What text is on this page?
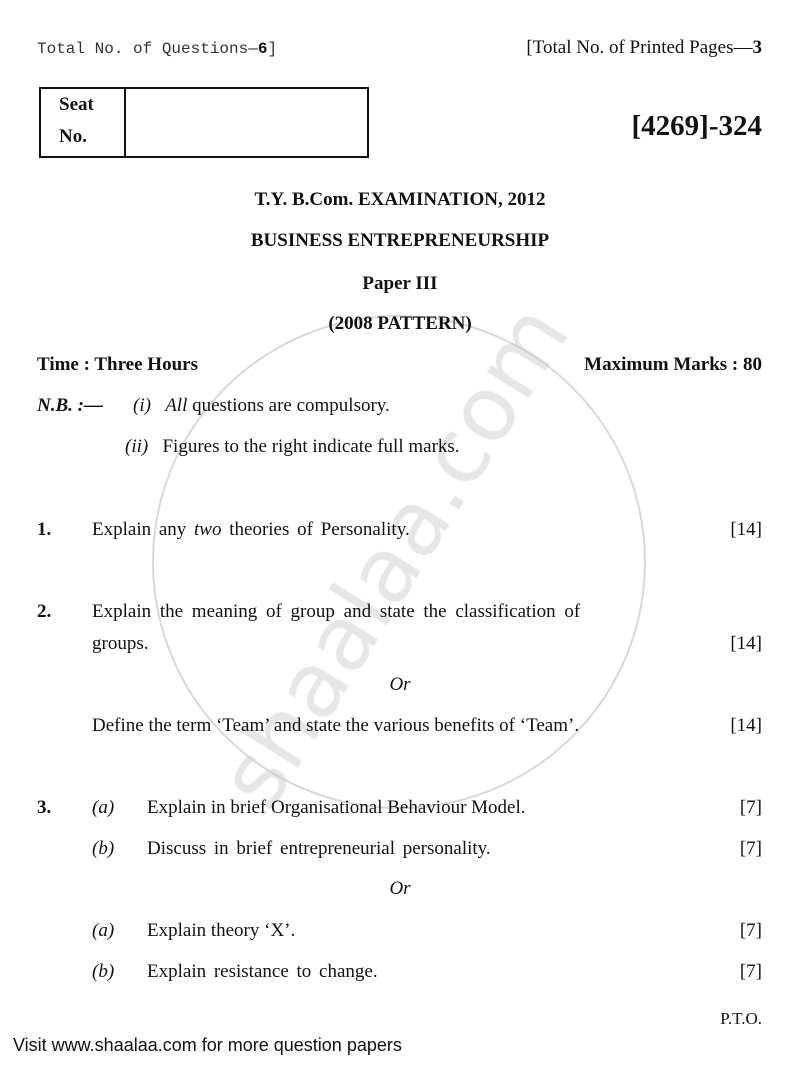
Total No. of Questions—6]	[Total No. of Printed Pages—3
Seat
No.	[4269]-324
T.Y. B.Com. EXAMINATION, 2012
BUSINESS ENTREPRENEURSHIP
Paper III
(2008 PATTERN)
Time : Three Hours	Maximum Marks : 80
N.B. :— (i) All questions are compulsory.
(ii) Figures to the right indicate full marks.
1. Explain any two theories of Personality.	[14]
2. Explain the meaning of group and state the classification of
groups.	[14]
Or
Define the term ‘Team’ and state the various benefits of ‘Team’.	[14]
3. (a) Explain in brief Organisational Behaviour Model.	[7]
(b) Discuss in brief entrepreneurial personality.	[7]
Or
(a) Explain theory ‘X’.	[7]
(b) Explain resistance to change.	[7]
P.T.O.
Visit www.shaalaa.com for more question papers
